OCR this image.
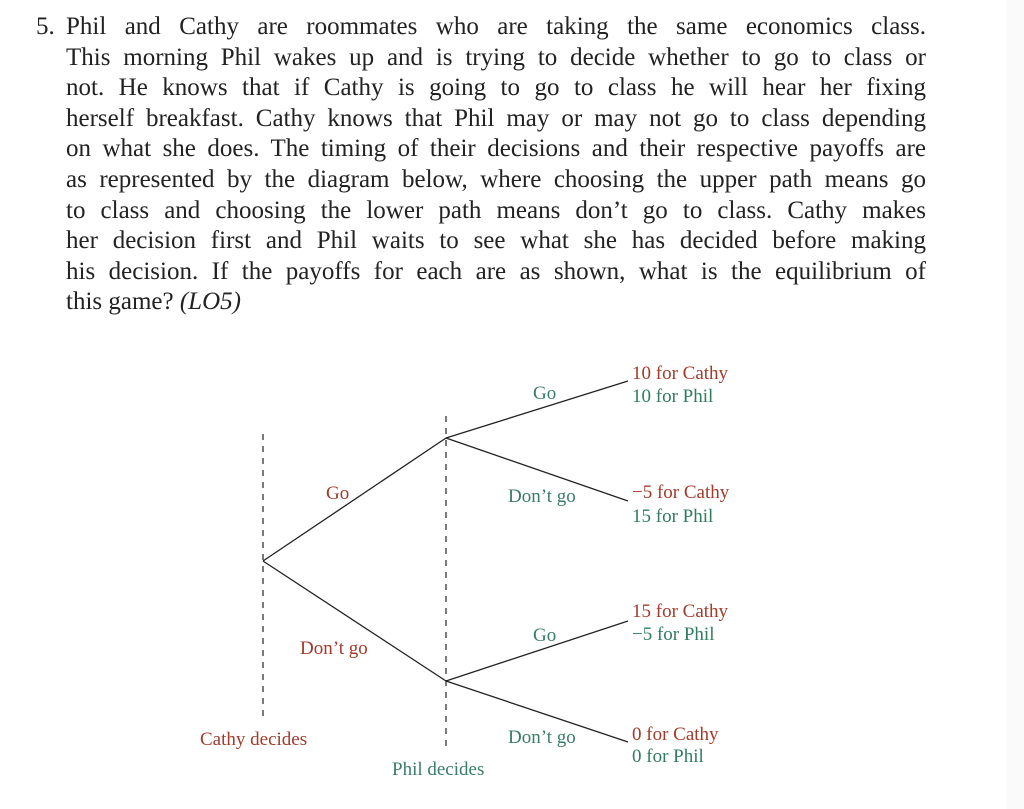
5. Phil and Cathy are roommates who are taking the same economics class.
This morning Phil wakes up and is trying to decide whether to go to class or
not. He knows that if Cathy is going to go to class he will hear her fixing
herself breakfast. Cathy knows that Phil may or may not go to class depending
on what she does. The timing of their decisions and their respective payoffs are
as represented by the diagram below, where choosing the upper path means go
to class and choosing the lower path means don’t go to class. Cathy makes
her decision first and Phil waits to see what she has decided before making
his decision. If the payoffs for each are as shown, what is the equilibrium of
this game? (LO5)
Go
Don’t go
Go
Don’t go
Go
Don’t go
10 for Cathy
10 for Phil
−5 for Cathy
15 for Phil
15 for Cathy
−5 for Phil
0 for Cathy
0 for Phil
Cathy decides
Phil decides
